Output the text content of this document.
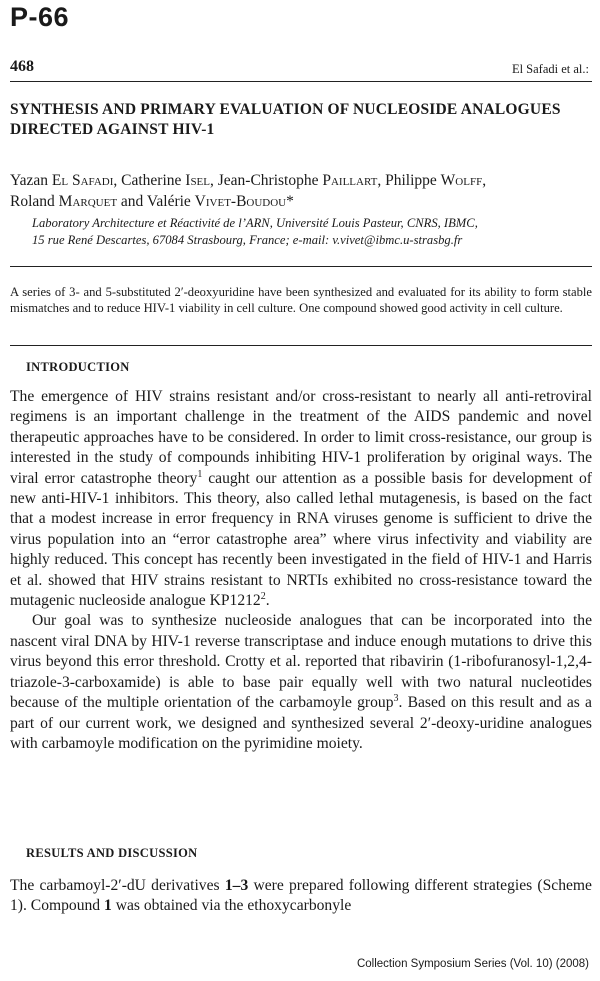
P-66
468	El Safadi et al.:
SYNTHESIS AND PRIMARY EVALUATION OF NUCLEOSIDE ANALOGUES DIRECTED AGAINST HIV-1
Yazan El Safadi, Catherine Isel, Jean-Christophe Paillart, Philippe Wolff,
Roland Marquet and Valérie Vivet-Boudou*
Laboratory Architecture et Réactivité de l’ARN, Université Louis Pasteur, CNRS, IBMC,
15 rue René Descartes, 67084 Strasbourg, France; e-mail: v.vivet@ibmc.u-strasbg.fr
A series of 3- and 5-substituted 2′-deoxyuridine have been synthesized and evaluated for its ability to form stable mismatches and to reduce HIV-1 viability in cell culture. One compound showed good activity in cell culture.
INTRODUCTION

The emergence of HIV strains resistant and/or cross-resistant to nearly all anti-retroviral regimens is an important challenge in the treatment of the AIDS pandemic and novel therapeutic approaches have to be considered. In order to limit cross-resistance, our group is interested in the study of compounds inhibiting HIV-1 proliferation by original ways. The viral error catastrophe theory$^1$ caught our attention as a possible basis for development of new anti-HIV-1 inhibitors. This theory, also called lethal mutagenesis, is based on the fact that a modest increase in error frequency in RNA viruses genome is sufficient to drive the virus population into an “error catastrophe area” where virus infectivity and viability are highly reduced. This concept has recently been investigated in the field of HIV-1 and Harris et al. showed that HIV strains resistant to NRTIs exhibited no cross-resistance toward the mutagenic nucleoside analogue KP1212$^2$.

Our goal was to synthesize nucleoside analogues that can be incorporated into the nascent viral DNA by HIV-1 reverse transcriptase and induce enough mutations to drive this virus beyond this error threshold. Crotty et al. reported that ribavirin (1-ribofuranosyl-1,2,4-triazole-3-carboxamide) is able to base pair equally well with two natural nucleotides because of the multiple orientation of the carbamoyle group$^3$. Based on this result and as a part of our current work, we designed and synthesized several 2′-deoxy-uridine analogues with carbamoyle modification on the pyrimidine moiety.

RESULTS AND DISCUSSION

The carbamoyl-2′-dU derivatives 1–3 were prepared following different strategies (Scheme 1). Compound 1 was obtained via the ethoxycarbonyle

Collection Symposium Series (Vol. 10) (2008)
